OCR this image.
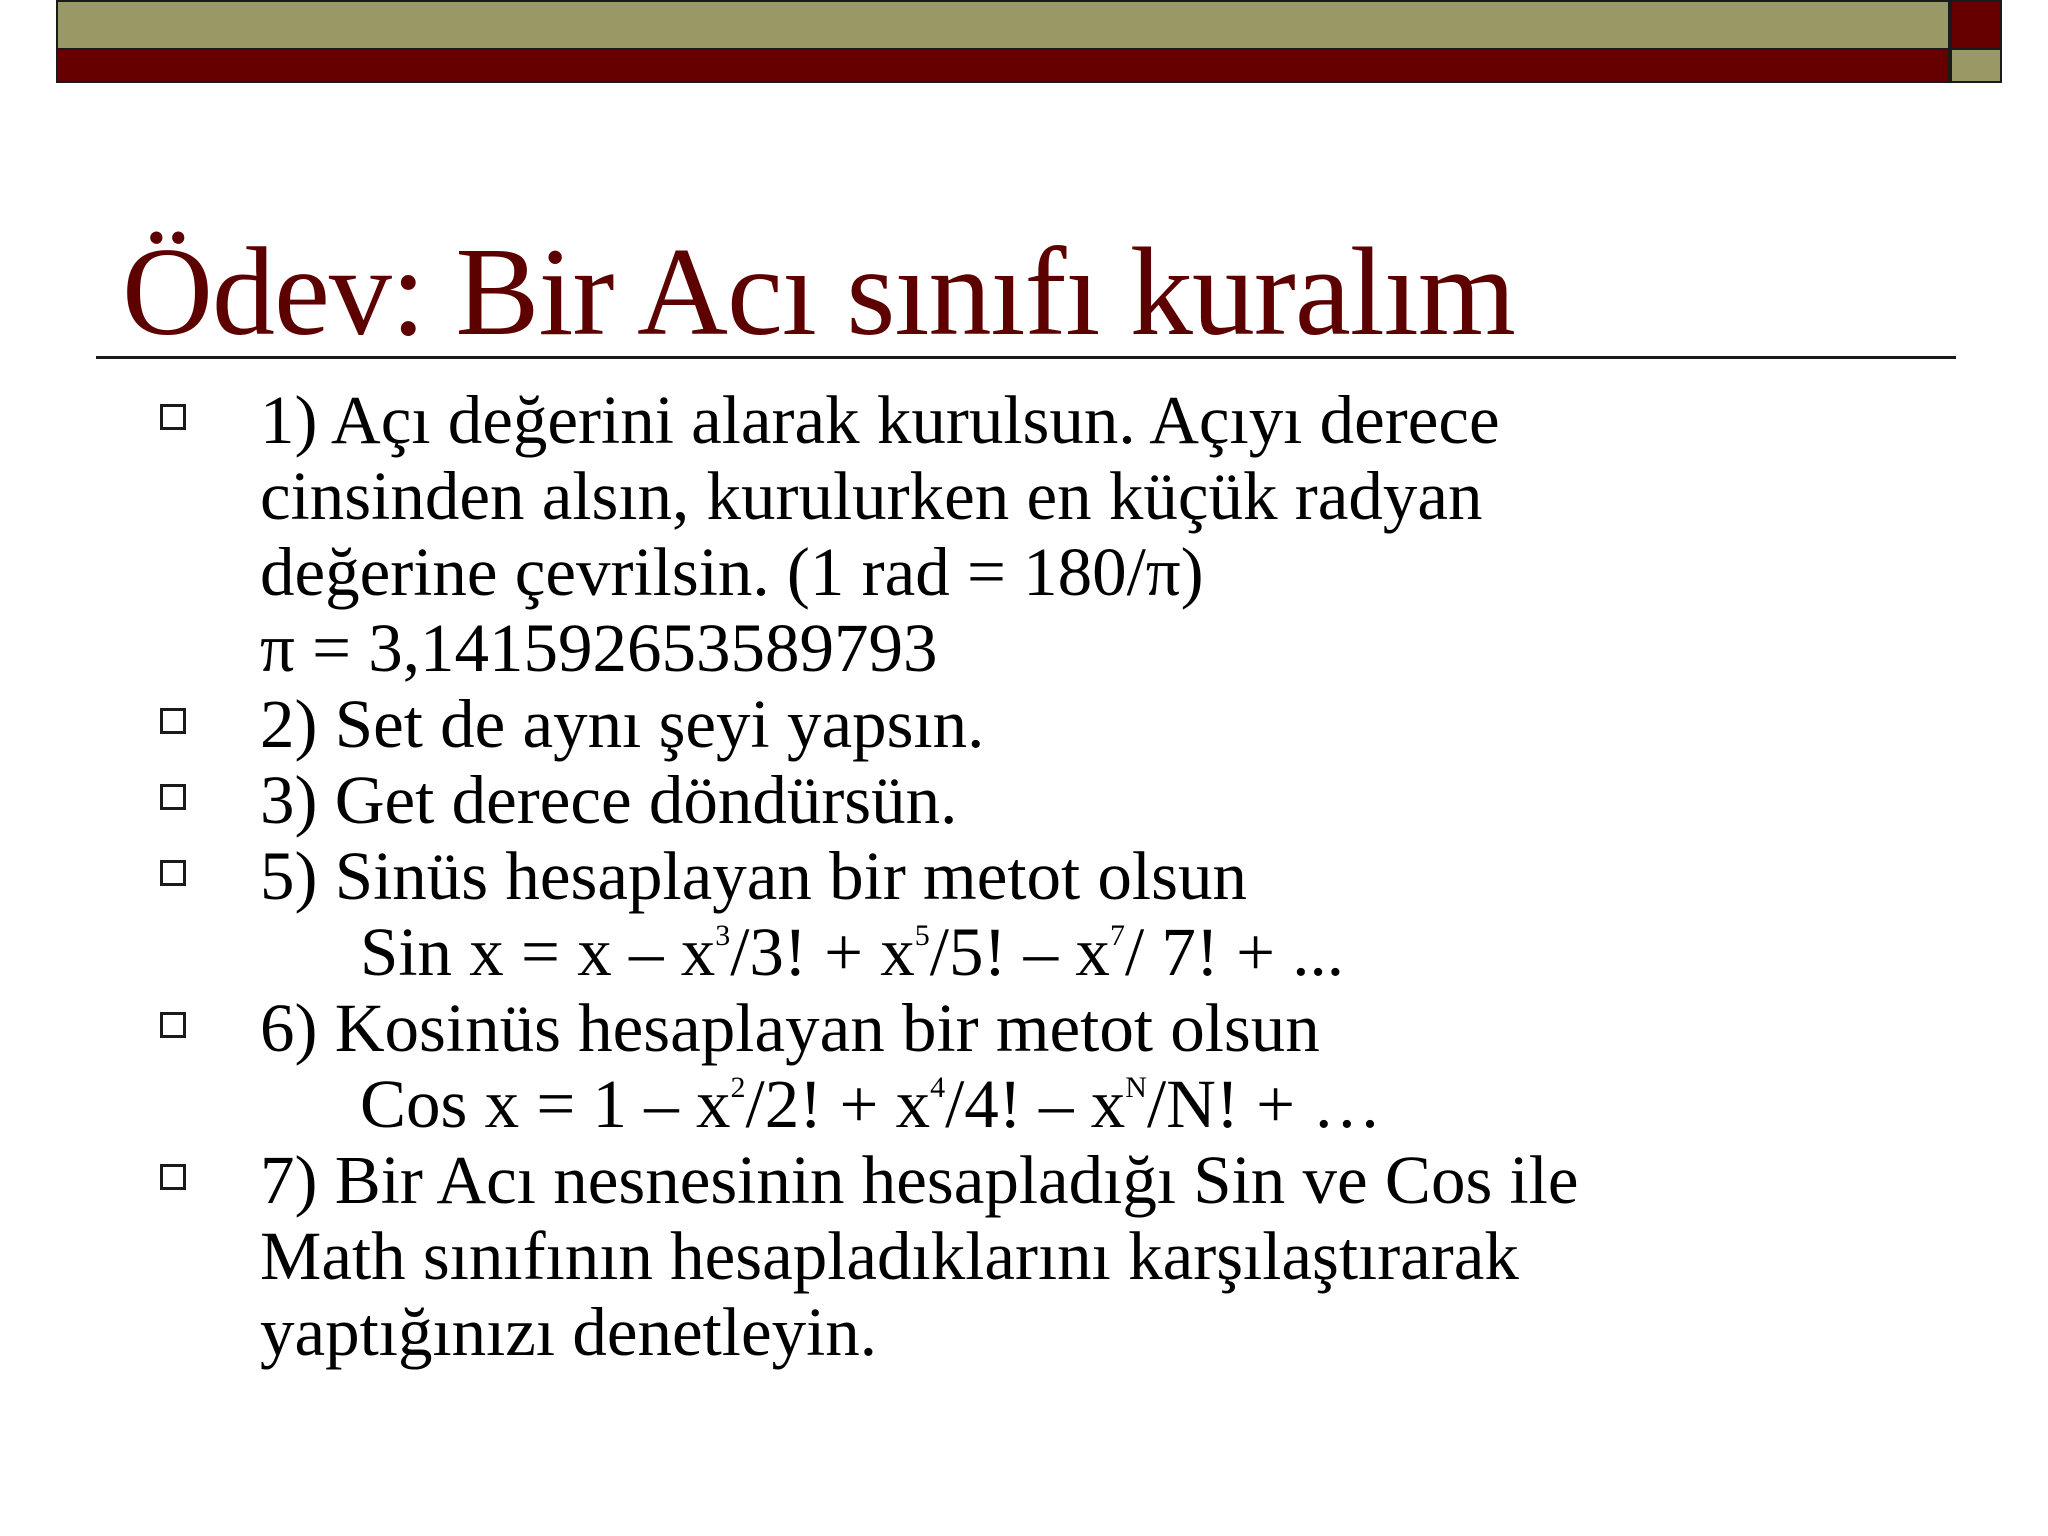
Ödev: Bir Acı sınıfı kuralım
1) Açı değerini alarak kurulsun. Açıyı derece
cinsinden alsın, kurulurken en küçük radyan
değerine çevrilsin. (1 rad = 180/π)
π = 3,141592653589793
2) Set de aynı şeyi yapsın.
3) Get derece döndürsün.
5) Sinüs hesaplayan bir metot olsun
Sin $x = x - x^3/3$! + $x^5/5$! – $x^7/$ 7! + ...
6) Kosinüs hesaplayan bir metot olsun
Cos $x = 1 - x^2/2$! + $x^4/4$! – $x^N/N$! + …
7) Bir Acı nesnesinin hesapladığı Sin ve Cos ile
Math sınıfının hesapladıklarını karşılaştırarak
yaptığınızı denetleyin.
